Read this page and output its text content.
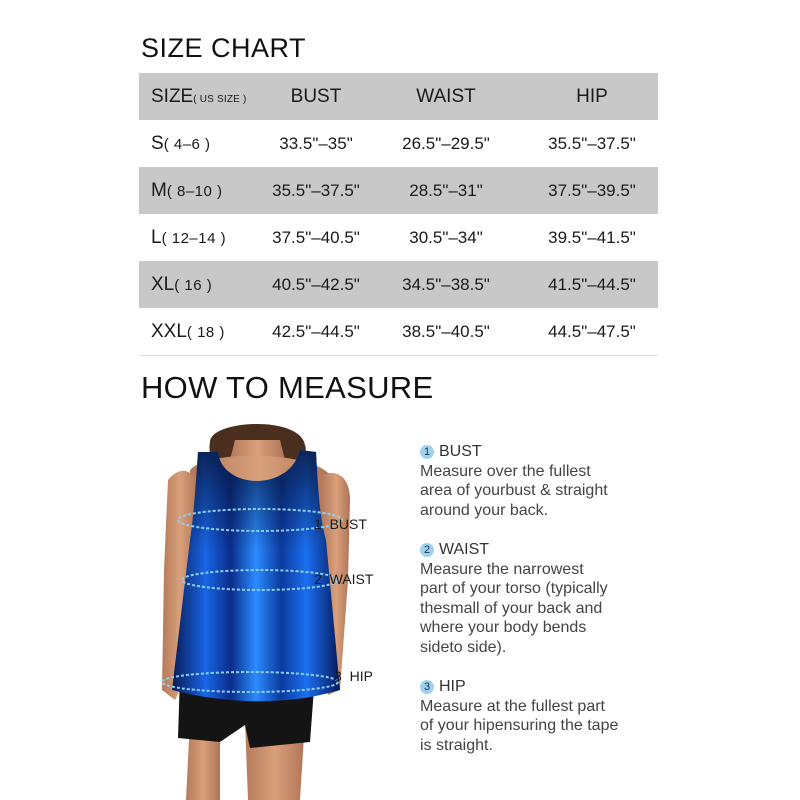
SIZE CHART
SIZE( US SIZE )	BUST	WAIST	HIP
S( 4–6 )	33.5"–35"	26.5"–29.5"	35.5"–37.5"
M( 8–10 )	35.5"–37.5"	28.5"–31"	37.5"–39.5"
L( 12–14 )	37.5"–40.5"	30.5"–34"	39.5"–41.5"
XL( 16 )	40.5"–42.5"	34.5"–38.5"	41.5"–44.5"
XXL( 18 )	42.5"–44.5"	38.5"–40.5"	44.5"–47.5"
HOW TO MEASURE
1 BUST
2 WAIST
3 HIP
1 BUST
Measure over the fullest
area of yourbust & straight
around your back.
2 WAIST
Measure the narrowest
part of your torso (typically
thesmall of your back and
where your body bends
sideto side).
3 HIP
Measure at the fullest part
of your hipensuring the tape
is straight.
